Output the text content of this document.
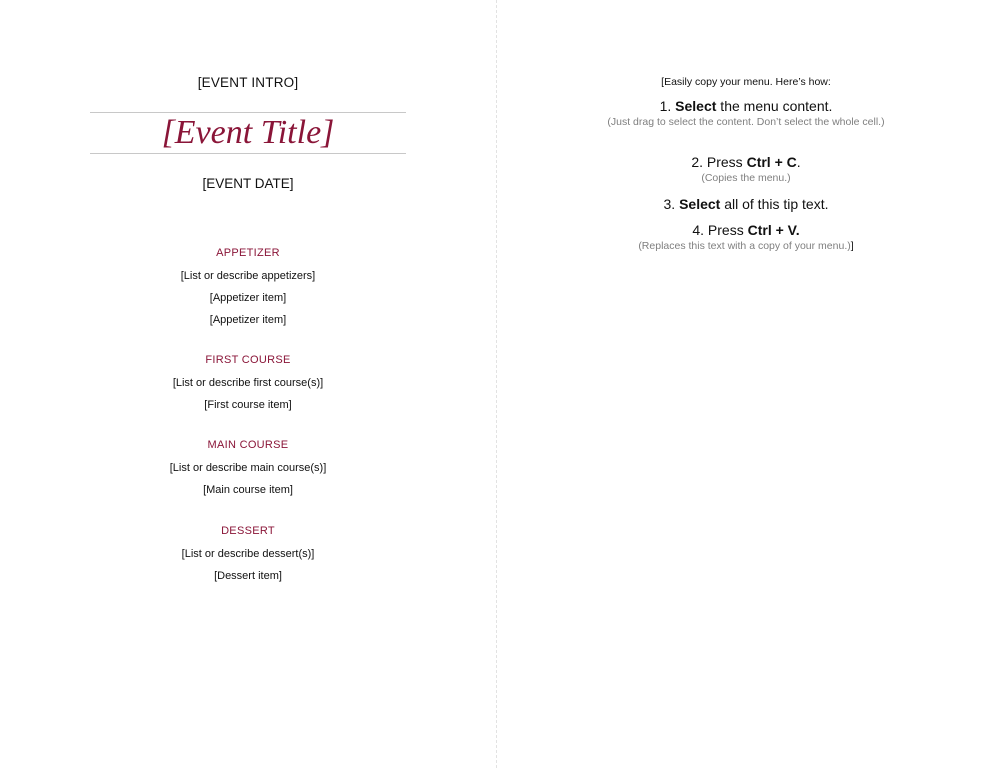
[EVENT INTRO]
[Event Title]
[EVENT DATE]
APPETIZER
[List or describe appetizers]
[Appetizer item]
[Appetizer item]
FIRST COURSE
[List or describe first course(s)]
[First course item]
MAIN COURSE
[List or describe main course(s)]
[Main course item]
DESSERT
[List or describe dessert(s)]
[Dessert item]
[Easily copy your menu. Here’s how:
1. Select the menu content.
(Just drag to select the content. Don’t select the whole cell.)
2. Press Ctrl + C.
(Copies the menu.)
3. Select all of this tip text.
4. Press Ctrl + V.
(Replaces this text with a copy of your menu.)]
